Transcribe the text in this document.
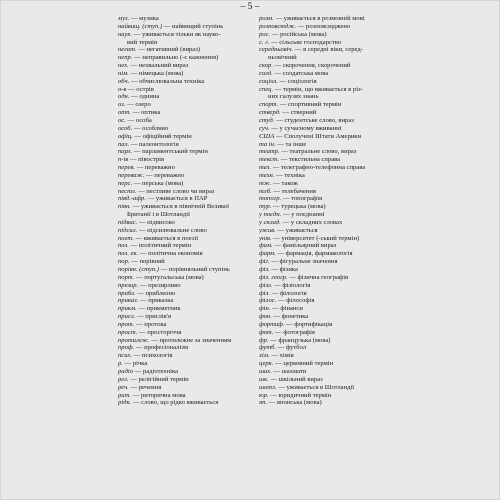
– 5 –
муз. — музика
найвищ. (ступ.) — найвищий ступінь
наук. — уживається тільки як науко-
вий термін
негат. — негативний (вираз)
непр. — неправильно (-є кажнення)
нех. — нехвальний вираз
нім. — німецька (мова)
обч. — обчислювальна техніка
о-в — острів
одн. — однина
оз. — озеро
опт. — оптика
ос. — особа
особ. — особливо
офіц. — офіційний термін
пал. — палеонтологія
парл. — парламентський термін
п-ів — півострів
перев. — переважно
переваж. — переважно
перс. — перська (мова)
пестл. — пестливе слово чи вираз
півд.-афр. — уживається в ПАР
півн. — уживається в північній Великої
Британії і в Шотландії
підвис. — підвисоко
підсил. — підсилювальне слово
поет. — вживається в поезії
пол. — політичний термін
пол. ек. — політична економія
пор. — порівняй
порівн. (ступ.) — порівняльний ступінь
порт. — португальська (мова)
презир. — презирливо
прибл. — приблизно
приказ. — приказка
прикм. — прикметник
присл. — прислів'я
прот. — протока
прост. — просторіччя
протилеж. — протилежне за значенням
проф. — професіоналізм
псих. — психологія
р. — річка
радіо — радіотехніка
рел. — релігійний термін
реч. — речення
рит. — риторична мова
рідк. — слово, що рідко вживається
розм. — уживається в розмовній мові
розповсюдж. — розповсюджено
рос. — російська (мова)
с. г. — сільське господарство
середньовіч. — в середні віки, серед-
ньовічний
скор. — скорочення, скорочений
солд. — солдатська мова
соціол. — соціологія
спец. — термін, що вживається в різ-
них галузях знань
спорт. — спортивний термін
стверд. — стверний
студ. — студентське слово, вираз
суч. — у сучасному вживанні
США — Сполучені Штати Америки
та ін. — та інше
театр. — театральне слово, вираз
текст. — текстильна справа
тел. — телеграфно-телефонна справа
техн. — техніка
тж. — також
тлб. — телебачення
топогр. — топографія
тур. — турецька (мова)
у поєдн. — у поєднанні
у склад. — у складних словах
ужив. — уживається
унів. — університет (-ський термін)
фам. — фамільярний вираз
фарм. — фармація, фармакологія
фіг. — фігуральне значення
фіз. — фізика
фіз. геогр. — фізична географія
фізл. — фізіологія
філ. — філологія
філос. — філософія
фін. — фінанси
фон. — фонетика
фортиф. — фортифікація
фот. — фотографія
фр. — французька (мова)
футб. — футбол
хім. — хімія
церк. — церковний термін
шах. — шахмати
шк. — шкільний вираз
шотл. — уживається в Шотландії
юр. — юридичний термін
яп. — японська (мова)
